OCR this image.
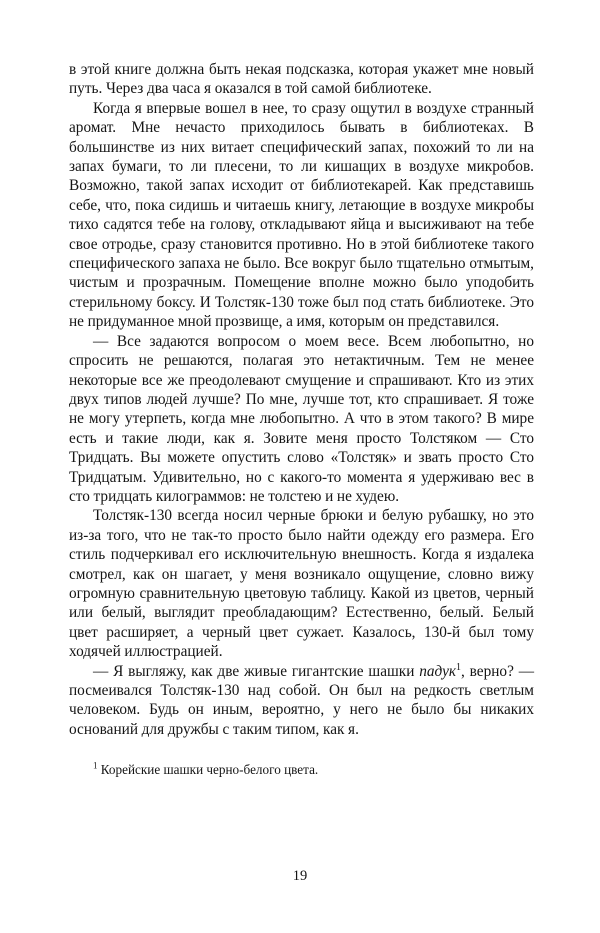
в этой книге должна быть некая подсказка, которая укажет мне новый путь. Через два часа я оказался в той самой библиотеке.

Когда я впервые вошел в нее, то сразу ощутил в воздухе странный аромат. Мне нечасто приходилось бывать в библиотеках. В большинстве из них витает специфический запах, похожий то ли на запах бумаги, то ли плесени, то ли кишащих в воздухе микробов. Возможно, такой запах исходит от библиотекарей. Как представишь себе, что, пока сидишь и читаешь книгу, летающие в воздухе микробы тихо садятся тебе на голову, откладывают яйца и высиживают на тебе свое отродье, сразу становится противно. Но в этой библиотеке такого специфического запаха не было. Все вокруг было тщательно отмытым, чистым и прозрачным. Помещение вполне можно было уподобить стерильному боксу. И Толстяк-130 тоже был под стать библиотеке. Это не придуманное мной прозвище, а имя, которым он представился.

— Все задаются вопросом о моем весе. Всем любопытно, но спросить не решаются, полагая это нетактичным. Тем не менее некоторые все же преодолевают смущение и спрашивают. Кто из этих двух типов людей лучше? По мне, лучше тот, кто спрашивает. Я тоже не могу утерпеть, когда мне любопытно. А что в этом такого? В мире есть и такие люди, как я. Зовите меня просто Толстяком — Сто Тридцать. Вы можете опустить слово «Толстяк» и звать просто Сто Тридцатым. Удивительно, но с какого-то момента я удерживаю вес в сто тридцать килограммов: не толстею и не худею.

Толстяк-130 всегда носил черные брюки и белую рубашку, но это из-за того, что не так-то просто было найти одежду его размера. Его стиль подчеркивал его исключительную внешность. Когда я издалека смотрел, как он шагает, у меня возникало ощущение, словно вижу огромную сравнительную цветовую таблицу. Какой из цветов, черный или белый, выглядит преобладающим? Естественно, белый. Белый цвет расширяет, а черный цвет сужает. Казалось, 130-й был тому ходячей иллюстрацией.

— Я выгляжу, как две живые гигантские шашки падук$^1$, верно? — посмеивался Толстяк-130 над собой. Он был на редкость светлым человеком. Будь он иным, вероятно, у него не было бы никаких оснований для дружбы с таким типом, как я.

$^1$ Корейские шашки черно-белого цвета.
19
